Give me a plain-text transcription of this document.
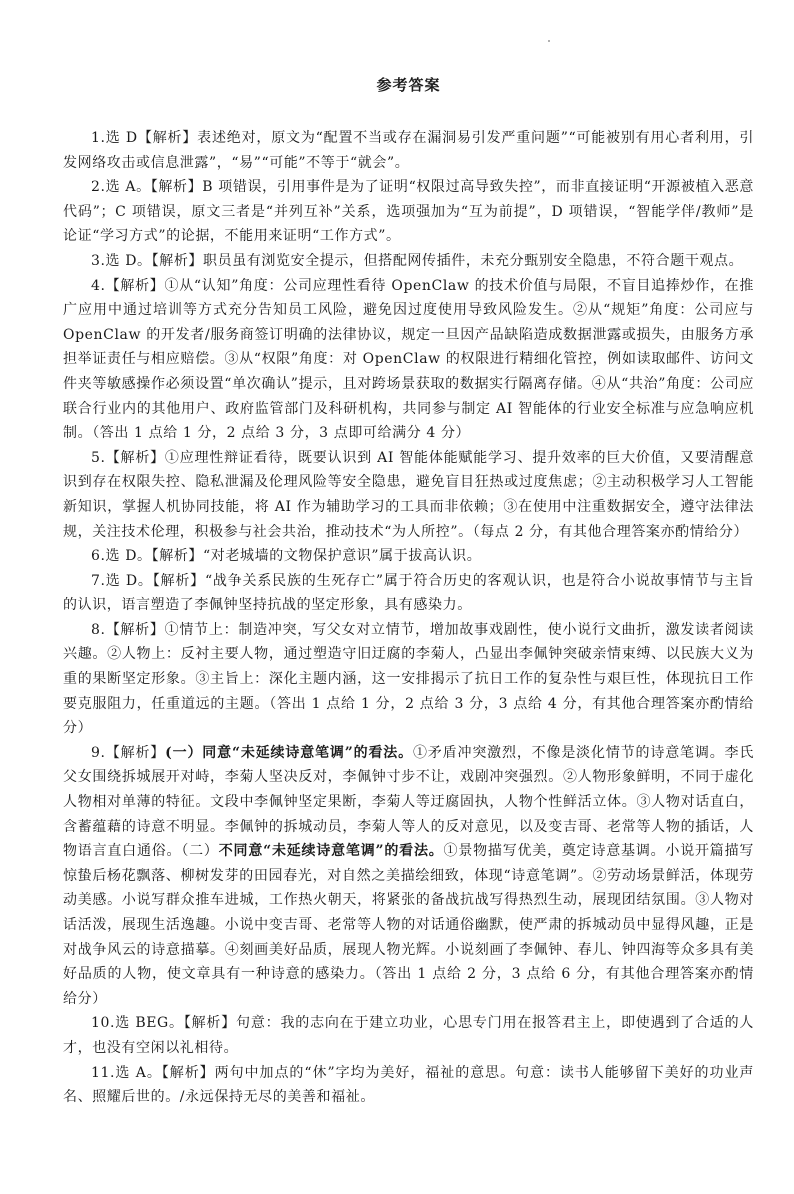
参考答案

1.选 D【解析】表述绝对，原文为“配置不当或存在漏洞易引发严重问题”“可能被别有用心者利用，引发网络攻击或信息泄露”，“易”“可能”不等于“就会”。

2.选 A。【解析】B 项错误，引用事件是为了证明“权限过高导致失控”，而非直接证明“开源被植入恶意代码”；C 项错误，原文三者是“并列互补”关系，选项强加为“互为前提”，D 项错误，“智能学伴/教师”是论证“学习方式”的论据，不能用来证明“工作方式”。

3.选 D。【解析】职员虽有浏览安全提示，但搭配网传插件，未充分甄别安全隐患，不符合题干观点。

4.【解析】①从“认知”角度：公司应理性看待 OpenClaw 的技术价值与局限，不盲目追捧炒作，在推广应用中通过培训等方式充分告知员工风险，避免因过度使用导致风险发生。②从“规矩”角度：公司应与 OpenClaw 的开发者/服务商签订明确的法律协议，规定一旦因产品缺陷造成数据泄露或损失，由服务方承担举证责任与相应赔偿。③从“权限”角度：对 OpenClaw 的权限进行精细化管控，例如读取邮件、访问文件夹等敏感操作必须设置“单次确认”提示，且对跨场景获取的数据实行隔离存储。④从“共治”角度：公司应联合行业内的其他用户、政府监管部门及科研机构，共同参与制定 AI 智能体的行业安全标准与应急响应机制。（答出 1 点给 1 分，2 点给 3 分，3 点即可给满分 4 分）

5.【解析】①应理性辩证看待，既要认识到 AI 智能体能赋能学习、提升效率的巨大价值，又要清醒意识到存在权限失控、隐私泄漏及伦理风险等安全隐患，避免盲目狂热或过度焦虑；②主动积极学习人工智能新知识，掌握人机协同技能，将 AI 作为辅助学习的工具而非依赖；③在使用中注重数据安全，遵守法律法规，关注技术伦理，积极参与社会共治，推动技术“为人所控”。（每点 2 分，有其他合理答案亦酌情给分）

6.选 D。【解析】“对老城墙的文物保护意识”属于拔高认识。

7.选 D。【解析】“战争关系民族的生死存亡”属于符合历史的客观认识，也是符合小说故事情节与主旨的认识，语言塑造了李佩钟坚持抗战的坚定形象，具有感染力。

8.【解析】①情节上：制造冲突，写父女对立情节，增加故事戏剧性，使小说行文曲折，激发读者阅读兴趣。②人物上：反衬主要人物，通过塑造守旧迂腐的李菊人，凸显出李佩钟突破亲情束缚、以民族大义为重的果断坚定形象。③主旨上：深化主题内涵，这一安排揭示了抗日工作的复杂性与艰巨性，体现抗日工作要克服阻力，任重道远的主题。（答出 1 点给 1 分，2 点给 3 分，3 点给 4 分，有其他合理答案亦酌情给分）

9.【解析】(一）同意“未延续诗意笔调”的看法。①矛盾冲突激烈，不像是淡化情节的诗意笔调。李氏父女围绕拆城展开对峙，李菊人坚决反对，李佩钟寸步不让，戏剧冲突强烈。②人物形象鲜明，不同于虚化人物相对单薄的特征。文段中李佩钟坚定果断，李菊人等迂腐固执，人物个性鲜活立体。③人物对话直白，含蓄蕴藉的诗意不明显。李佩钟的拆城动员，李菊人等人的反对意见，以及变吉哥、老常等人物的插话，人物语言直白通俗。（二）不同意“未延续诗意笔调”的看法。①景物描写优美，奠定诗意基调。小说开篇描写惊蛰后杨花飘落、柳树发芽的田园春光，对自然之美描绘细致，体现“诗意笔调”。②劳动场景鲜活，体现劳动美感。小说写群众推车进城，工作热火朝天，将紧张的备战抗战写得热烈生动，展现团结氛围。③人物对话活泼，展现生活逸趣。小说中变吉哥、老常等人物的对话通俗幽默，使严肃的拆城动员中显得风趣，正是对战争风云的诗意描摹。④刻画美好品质，展现人物光辉。小说刻画了李佩钟、春儿、钟四海等众多具有美好品质的人物，使文章具有一种诗意的感染力。（答出 1 点给 2 分，3 点给 6 分，有其他合理答案亦酌情给分）

10.选 BEG。【解析】句意：我的志向在于建立功业，心思专门用在报答君主上，即使遇到了合适的人才，也没有空闲以礼相待。

11.选 A。【解析】两句中加点的“休”字均为美好，福祉的意思。句意：读书人能够留下美好的功业声名、照耀后世的。/永远保持无尽的美善和福祉。
